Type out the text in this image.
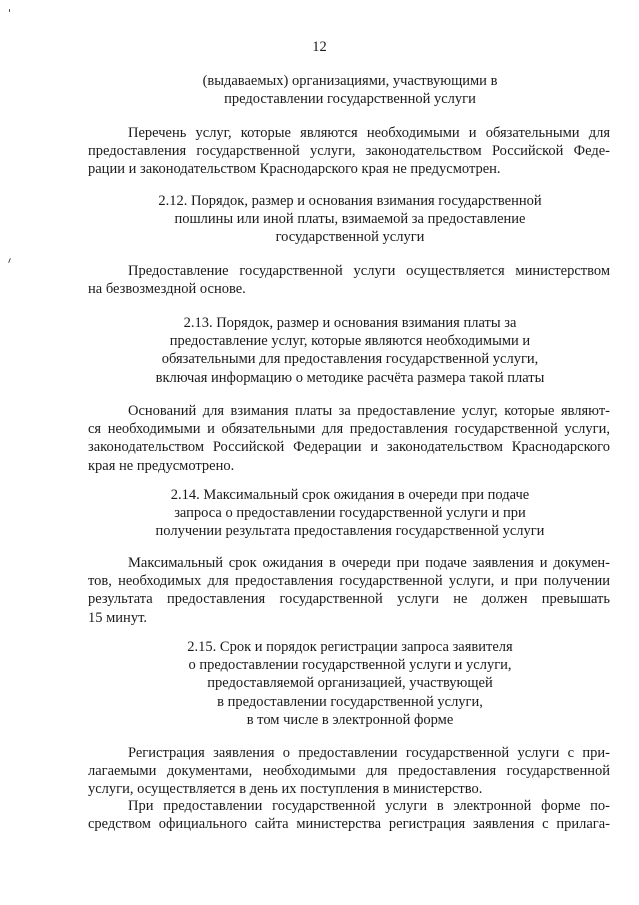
12
(выдаваемых) организациями, участвующими в
предоставлении государственной услуги
Перечень услуг, которые являются необходимыми и обязательными для
предоставления государственной услуги, законодательством Российской Феде-
рации и законодательством Краснодарского края не предусмотрен.
2.12. Порядок, размер и основания взимания государственной
пошлины или иной платы, взимаемой за предоставление
государственной услуги
Предоставление государственной услуги осуществляется министерством
на безвозмездной основе.
2.13. Порядок, размер и основания взимания платы за
предоставление услуг, которые являются необходимыми и
обязательными для предоставления государственной услуги,
включая информацию о методике расчёта размера такой платы
Оснований для взимания платы за предоставление услуг, которые являют-
ся необходимыми и обязательными для предоставления государственной услуги,
законодательством Российской Федерации и законодательством Краснодарского
края не предусмотрено.
2.14. Максимальный срок ожидания в очереди при подаче
запроса о предоставлении государственной услуги и при
получении результата предоставления государственной услуги
Максимальный срок ожидания в очереди при подаче заявления и докумен-
тов, необходимых для предоставления государственной услуги, и при получении
результата предоставления государственной услуги не должен превышать
15 минут.
2.15. Срок и порядок регистрации запроса заявителя
о предоставлении государственной услуги и услуги,
предоставляемой организацией, участвующей
в предоставлении государственной услуги,
в том числе в электронной форме
Регистрация заявления о предоставлении государственной услуги с при-
лагаемыми документами, необходимыми для предоставления государственной
услуги, осуществляется в день их поступления в министерство.
При предоставлении государственной услуги в электронной форме по-
средством официального сайта министерства регистрация заявления с прилага-
